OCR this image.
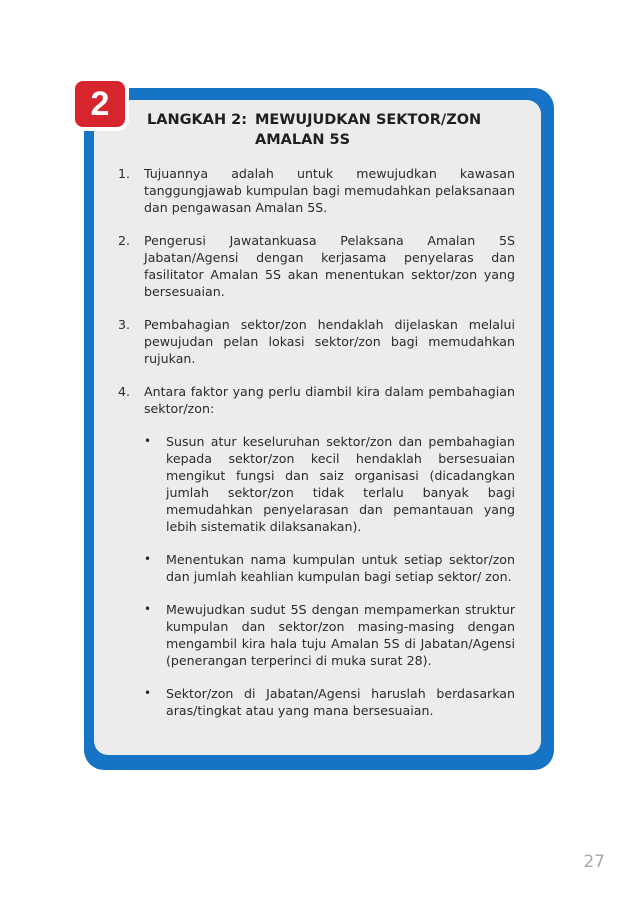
2	LANGKAH 2: MEWUJUDKAN SEKTOR/ZON
AMALAN 5S
1.	Tujuannya adalah untuk mewujudkan kawasan tanggungjawab kumpulan bagi memudahkan pelaksanaan dan pengawasan Amalan 5S.
2.	Pengerusi Jawatankuasa Pelaksana Amalan 5S Jabatan/Agensi dengan kerjasama penyelaras dan fasilitator Amalan 5S akan menentukan sektor/zon yang bersesuaian.
3.	Pembahagian sektor/zon hendaklah dijelaskan melalui pewujudan pelan lokasi sektor/zon bagi memudahkan rujukan.
4.	Antara faktor yang perlu diambil kira dalam pembahagian sektor/zon:
•	Susun atur keseluruhan sektor/zon dan pembahagian kepada sektor/zon kecil hendaklah bersesuaian mengikut fungsi dan saiz organisasi (dicadangkan jumlah sektor/zon tidak terlalu banyak bagi memudahkan penyelarasan dan pemantauan yang lebih sistematik dilaksanakan).
•	Menentukan nama kumpulan untuk setiap sektor/zon dan jumlah keahlian kumpulan bagi setiap sektor/ zon.
•	Mewujudkan sudut 5S dengan mempamerkan struktur kumpulan dan sektor/zon masing-masing dengan mengambil kira hala tuju Amalan 5S di Jabatan/Agensi (penerangan terperinci di muka surat 28).
•	Sektor/zon di Jabatan/Agensi haruslah berdasarkan aras/tingkat atau yang mana bersesuaian.
27
